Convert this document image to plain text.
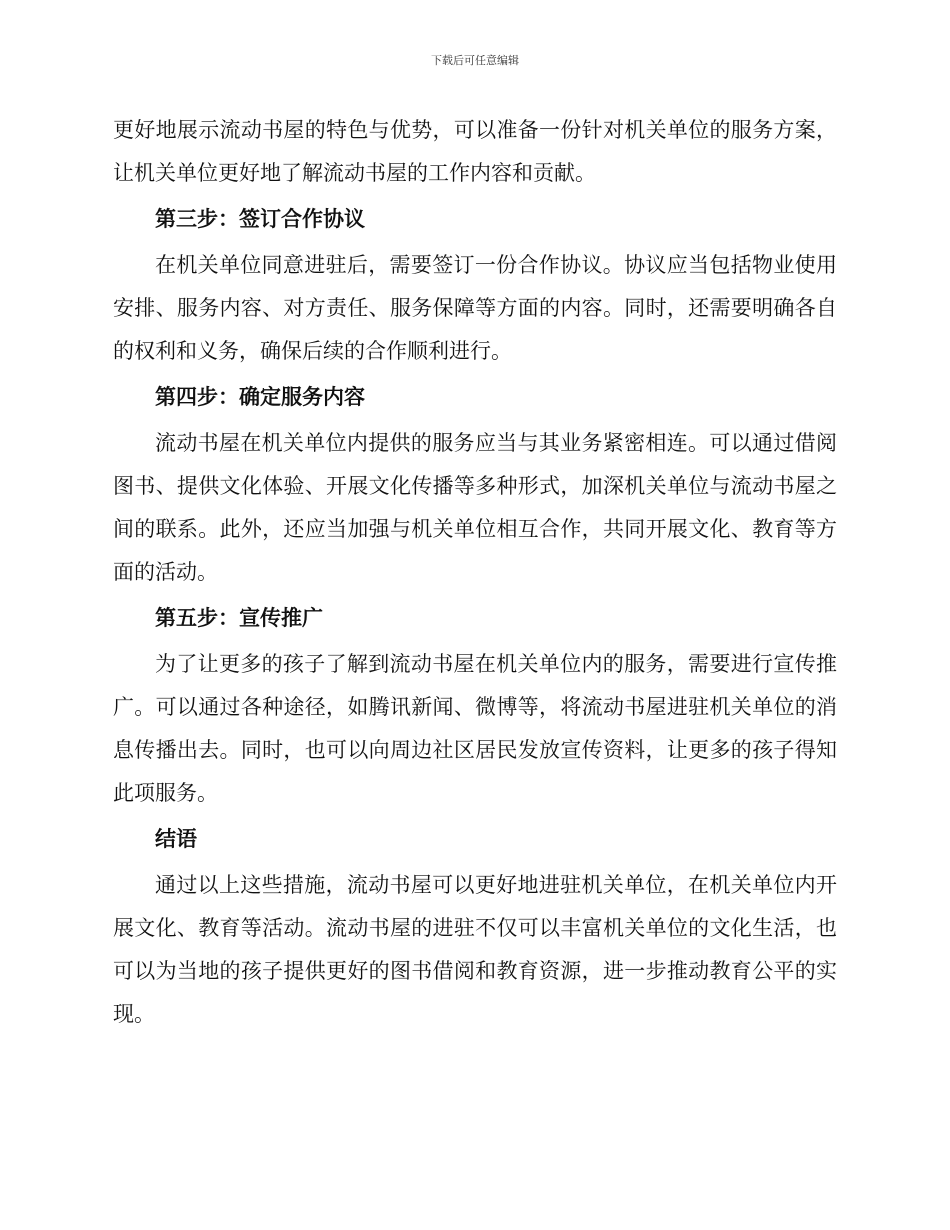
下载后可任意编辑

更好地展示流动书屋的特色与优势，可以准备一份针对机关单位的服务方案，让机关单位更好地了解流动书屋的工作内容和贡献。

第三步：签订合作协议

在机关单位同意进驻后，需要签订一份合作协议。协议应当包括物业使用安排、服务内容、对方责任、服务保障等方面的内容。同时，还需要明确各自的权利和义务，确保后续的合作顺利进行。

第四步：确定服务内容

流动书屋在机关单位内提供的服务应当与其业务紧密相连。可以通过借阅图书、提供文化体验、开展文化传播等多种形式，加深机关单位与流动书屋之间的联系。此外，还应当加强与机关单位相互合作，共同开展文化、教育等方面的活动。

第五步：宣传推广

为了让更多的孩子了解到流动书屋在机关单位内的服务，需要进行宣传推广。可以通过各种途径，如腾讯新闻、微博等，将流动书屋进驻机关单位的消息传播出去。同时，也可以向周边社区居民发放宣传资料，让更多的孩子得知此项服务。

结语

通过以上这些措施，流动书屋可以更好地进驻机关单位，在机关单位内开展文化、教育等活动。流动书屋的进驻不仅可以丰富机关单位的文化生活，也可以为当地的孩子提供更好的图书借阅和教育资源，进一步推动教育公平的实现。
